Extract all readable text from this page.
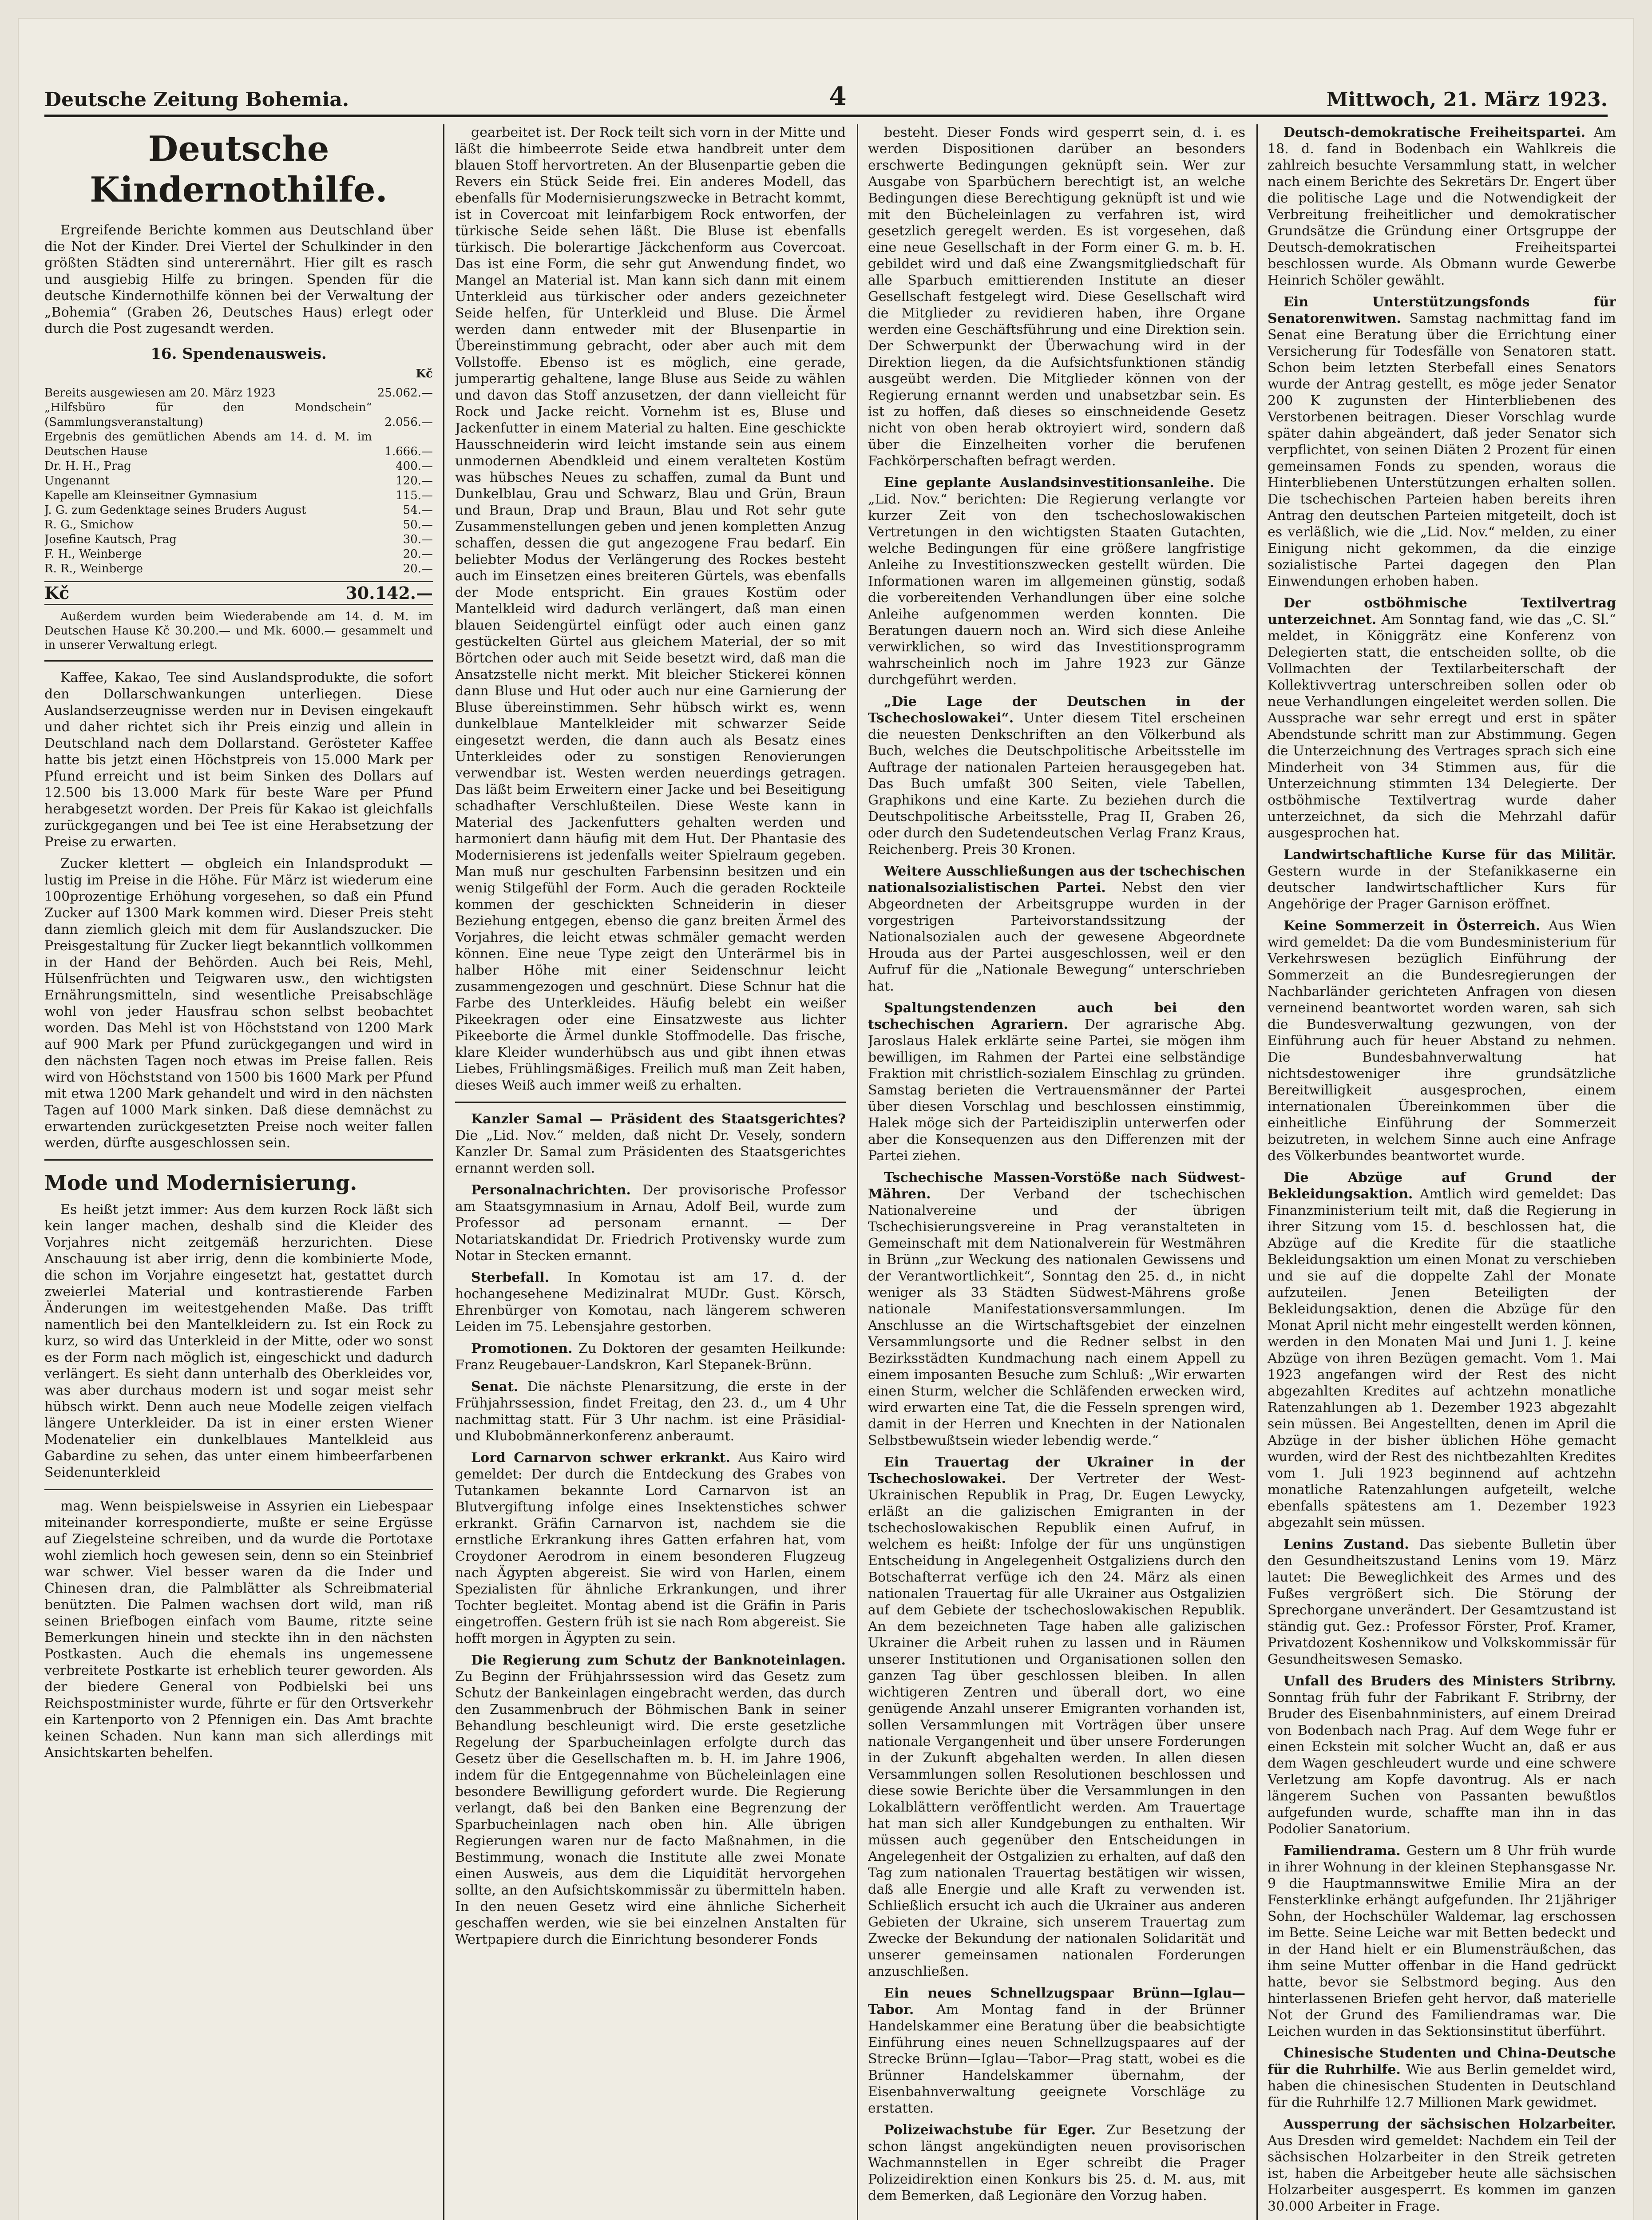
Deutsche Zeitung Bohemia.	4	Mittwoch, 21. März 1923.
Deutsche Kindernothilfe.

Ergreifende Berichte kommen aus Deutschland über die Not der Kinder. Drei Viertel der Schulkinder in den größten Städten sind unterernährt. Hier gilt es rasch und ausgiebig Hilfe zu bringen. Spenden für die deutsche Kindernothilfe können bei der Verwaltung der „Bohemia“ (Graben 26, Deutsches Haus) erlegt oder durch die Post zugesandt werden.

16. Spendenausweis.
Kč
Bereits ausgewiesen am 20. März 1923	25.062.—
„Hilfsbüro für den Mondschein“ (Sammlungsveranstaltung)	2.056.—
Ergebnis des gemütlichen Abends am 14. d. M. im Deutschen Hause	1.666.—
Dr. H. H., Prag	400.—
Ungenannt	120.—
Kapelle am Kleinseitner Gymnasium	115.—
J. G. zum Gedenktage seines Bruders August	54.—
R. G., Smichow	50.—
Josefine Kautsch, Prag	30.—
F. H., Weinberge	20.—
R. R., Weinberge	20.—
Kč	30.142.—

Außerdem wurden beim Wiederabende am 14. d. M. im Deutschen Hause Kč 30.200.— und Mk. 6000.— gesammelt und in unserer Verwaltung erlegt.

Kaffee, Kakao, Tee sind Auslandsprodukte, die sofort den Dollarschwankungen unterliegen. Diese Auslandserzeugnisse werden nur in Devisen eingekauft und daher richtet sich ihr Preis einzig und allein in Deutschland nach dem Dollarstand. Gerösteter Kaffee hatte bis jetzt einen Höchstpreis von 15.000 Mark per Pfund erreicht und ist beim Sinken des Dollars auf 12.500 bis 13.000 Mark für beste Ware per Pfund herabgesetzt worden. Der Preis für Kakao ist gleichfalls zurückgegangen und bei Tee ist eine Herabsetzung der Preise zu erwarten.

Zucker klettert — obgleich ein Inlandsprodukt — lustig im Preise in die Höhe. Für März ist wiederum eine 100prozentige Erhöhung vorgesehen, so daß ein Pfund Zucker auf 1300 Mark kommen wird. Dieser Preis steht dann ziemlich gleich mit dem für Auslandszucker. Die Preisgestaltung für Zucker liegt bekanntlich vollkommen in der Hand der Behörden. Auch bei Reis, Mehl, Hülsenfrüchten und Teigwaren usw., den wichtigsten Ernährungsmitteln, sind wesentliche Preisabschläge wohl von jeder Hausfrau schon selbst beobachtet worden. Das Mehl ist von Höchststand von 1200 Mark auf 900 Mark per Pfund zurückgegangen und wird in den nächsten Tagen noch etwas im Preise fallen. Reis wird von Höchststand von 1500 bis 1600 Mark per Pfund mit etwa 1200 Mark gehandelt und wird in den nächsten Tagen auf 1000 Mark sinken. Daß diese demnächst zu erwartenden zurückgesetzten Preise noch weiter fallen werden, dürfte ausgeschlossen sein.

Mode und Modernisierung.

Es heißt jetzt immer: Aus dem kurzen Rock läßt sich kein langer machen, deshalb sind die Kleider des Vorjahres nicht zeitgemäß herzurichten. Diese Anschauung ist aber irrig, denn die kombinierte Mode, die schon im Vorjahre eingesetzt hat, gestattet durch zweierlei Material und kontrastierende Farben Änderungen im weitestgehenden Maße. Das trifft namentlich bei den Mantelkleidern zu. Ist ein Rock zu kurz, so wird das Unterkleid in der Mitte, oder wo sonst es der Form nach möglich ist, eingeschickt und dadurch verlängert. Es sieht dann unterhalb des Oberkleides vor, was aber durchaus modern ist und sogar meist sehr hübsch wirkt. Denn auch neue Modelle zeigen vielfach längere Unterkleider. Da ist in einer ersten Wiener Modenatelier ein dunkelblaues Mantelkleid aus Gabardine zu sehen, das unter einem himbeerfarbenen Seidenunterkleid

mag. Wenn beispielsweise in Assyrien ein Liebespaar miteinander korrespondierte, mußte er seine Ergüsse auf Ziegelsteine schreiben, und da wurde die Portotaxe wohl ziemlich hoch gewesen sein, denn so ein Steinbrief war schwer. Viel besser waren da die Inder und Chinesen dran, die Palmblätter als Schreibmaterial benützten. Die Palmen wachsen dort wild, man riß seinen Briefbogen einfach vom Baume, ritzte seine Bemerkungen hinein und steckte ihn in den nächsten Postkasten. Auch die ehemals ins ungemessene verbreitete Postkarte ist erheblich teurer geworden. Als der biedere General von Podbielski bei uns Reichspostminister wurde, führte er für den Ortsverkehr ein Kartenporto von 2 Pfennigen ein. Das Amt brachte keinen Schaden. Nun kann man sich allerdings mit Ansichtskarten behelfen.

gearbeitet ist. Der Rock teilt sich vorn in der Mitte und läßt die himbeerrote Seide etwa handbreit unter dem blauen Stoff hervortreten. An der Blusenpartie geben die Revers ein Stück Seide frei. Ein anderes Modell, das ebenfalls für Modernisierungszwecke in Betracht kommt, ist in Covercoat mit leinfarbigem Rock entworfen, der türkische Seide sehen läßt. Die Bluse ist ebenfalls türkisch. Die bolerartige Jäckchenform aus Covercoat. Das ist eine Form, die sehr gut Anwendung findet, wo Mangel an Material ist. Man kann sich dann mit einem Unterkleid aus türkischer oder anders gezeichneter Seide helfen, für Unterkleid und Bluse. Die Ärmel werden dann entweder mit der Blusenpartie in Übereinstimmung gebracht, oder aber auch mit dem Vollstoffe. Ebenso ist es möglich, eine gerade, jumperartig gehaltene, lange Bluse aus Seide zu wählen und davon das Stoff anzusetzen, der dann vielleicht für Rock und Jacke reicht. Vornehm ist es, Bluse und Jackenfutter in einem Material zu halten. Eine geschickte Hausschneiderin wird leicht imstande sein aus einem unmodernen Abendkleid und einem veralteten Kostüm was hübsches Neues zu schaffen, zumal da Bunt und Dunkelblau, Grau und Schwarz, Blau und Grün, Braun und Braun, Drap und Braun, Blau und Rot sehr gute Zusammenstellungen geben und jenen kompletten Anzug schaffen, dessen die gut angezogene Frau bedarf. Ein beliebter Modus der Verlängerung des Rockes besteht auch im Einsetzen eines breiteren Gürtels, was ebenfalls der Mode entspricht. Ein graues Kostüm oder Mantelkleid wird dadurch verlängert, daß man einen blauen Seidengürtel einfügt oder auch einen ganz gestückelten Gürtel aus gleichem Material, der so mit Börtchen oder auch mit Seide besetzt wird, daß man die Ansatzstelle nicht merkt. Mit bleicher Stickerei können dann Bluse und Hut oder auch nur eine Garnierung der Bluse übereinstimmen. Sehr hübsch wirkt es, wenn dunkelblaue Mantelkleider mit schwarzer Seide eingesetzt werden, die dann auch als Besatz eines Unterkleides oder zu sonstigen Renovierungen verwendbar ist. Westen werden neuerdings getragen. Das läßt beim Erweitern einer Jacke und bei Beseitigung schadhafter Verschlußteilen. Diese Weste kann in Material des Jackenfutters gehalten werden und harmoniert dann häufig mit dem Hut. Der Phantasie des Modernisierens ist jedenfalls weiter Spielraum gegeben. Man muß nur geschulten Farbensinn besitzen und ein wenig Stilgefühl der Form. Auch die geraden Rockteile kommen der geschickten Schneiderin in dieser Beziehung entgegen, ebenso die ganz breiten Ärmel des Vorjahres, die leicht etwas schmäler gemacht werden können. Eine neue Type zeigt den Unterärmel bis in halber Höhe mit einer Seidenschnur leicht zusammengezogen und geschnürt. Diese Schnur hat die Farbe des Unterkleides. Häufig belebt ein weißer Pikeekragen oder eine Einsatzweste aus lichter Pikeeborte die Ärmel dunkle Stoffmodelle. Das frische, klare Kleider wunderhübsch aus und gibt ihnen etwas Liebes, Frühlingsmäßiges. Freilich muß man Zeit haben, dieses Weiß auch immer weiß zu erhalten.

Kanzler Samal — Präsident des Staatsgerichtes? Die „Lid. Nov.“ melden, daß nicht Dr. Vesely, sondern Kanzler Dr. Samal zum Präsidenten des Staatsgerichtes ernannt werden soll.

Personalnachrichten. Der provisorische Professor am Staatsgymnasium in Arnau, Adolf Beil, wurde zum Professor ad personam ernannt. — Der Notariatskandidat Dr. Friedrich Protivensky wurde zum Notar in Stecken ernannt.

Sterbefall. In Komotau ist am 17. d. der hochangesehene Medizinalrat MUDr. Gust. Körsch, Ehrenbürger von Komotau, nach längerem schweren Leiden im 75. Lebensjahre gestorben.

Promotionen. Zu Doktoren der gesamten Heilkunde: Franz Reugebauer-Landskron, Karl Stepanek-Brünn.

Senat. Die nächste Plenarsitzung, die erste in der Frühjahrssession, findet Freitag, den 23. d., um 4 Uhr nachmittag statt. Für 3 Uhr nachm. ist eine Präsidial- und Klubobmännerkonferenz anberaumt.

Lord Carnarvon schwer erkrankt. Aus Kairo wird gemeldet: Der durch die Entdeckung des Grabes von Tutankamen bekannte Lord Carnarvon ist an Blutvergiftung infolge eines Insektenstiches schwer erkrankt. Gräfin Carnarvon ist, nachdem sie die ernstliche Erkrankung ihres Gatten erfahren hat, vom Croydoner Aerodrom in einem besonderen Flugzeug nach Ägypten abgereist. Sie wird von Harlen, einem Spezialisten für ähnliche Erkrankungen, und ihrer Tochter begleitet. Montag abend ist die Gräfin in Paris eingetroffen. Gestern früh ist sie nach Rom abgereist. Sie hofft morgen in Ägypten zu sein.

Die Regierung zum Schutz der Banknoteinlagen. Zu Beginn der Frühjahrssession wird das Gesetz zum Schutz der Bankeinlagen eingebracht werden, das durch den Zusammenbruch der Böhmischen Bank in seiner Behandlung beschleunigt wird. Die erste gesetzliche Regelung der Sparbucheinlagen erfolgte durch das Gesetz über die Gesellschaften m. b. H. im Jahre 1906, indem für die Entgegennahme von Bücheleinlagen eine besondere Bewilligung gefordert wurde. Die Regierung verlangt, daß bei den Banken eine Begrenzung der Sparbucheinlagen nach oben hin. Alle übrigen Regierungen waren nur de facto Maßnahmen, in die Bestimmung, wonach die Institute alle zwei Monate einen Ausweis, aus dem die Liquidität hervorgehen sollte, an den Aufsichtskommissär zu übermitteln haben. In den neuen Gesetz wird eine ähnliche Sicherheit geschaffen werden, wie sie bei einzelnen Anstalten für Wertpapiere durch die Einrichtung besonderer Fonds

besteht. Dieser Fonds wird gesperrt sein, d. i. es werden Dispositionen darüber an besonders erschwerte Bedingungen geknüpft sein. Wer zur Ausgabe von Sparbüchern berechtigt ist, an welche Bedingungen diese Berechtigung geknüpft ist und wie mit den Bücheleinlagen zu verfahren ist, wird gesetzlich geregelt werden. Es ist vorgesehen, daß eine neue Gesellschaft in der Form einer G. m. b. H. gebildet wird und daß eine Zwangsmitgliedschaft für alle Sparbuch emittierenden Institute an dieser Gesellschaft festgelegt wird. Diese Gesellschaft wird die Mitglieder zu revidieren haben, ihre Organe werden eine Geschäftsführung und eine Direktion sein. Der Schwerpunkt der Überwachung wird in der Direktion liegen, da die Aufsichtsfunktionen ständig ausgeübt werden. Die Mitglieder können von der Regierung ernannt werden und unabsetzbar sein. Es ist zu hoffen, daß dieses so einschneidende Gesetz nicht von oben herab oktroyiert wird, sondern daß über die Einzelheiten vorher die berufenen Fachkörperschaften befragt werden.

Eine geplante Auslandsinvestitionsanleihe. Die „Lid. Nov.“ berichten: Die Regierung verlangte vor kurzer Zeit von den tschechoslowakischen Vertretungen in den wichtigsten Staaten Gutachten, welche Bedingungen für eine größere langfristige Anleihe zu Investitionszwecken gestellt würden. Die Informationen waren im allgemeinen günstig, sodaß die vorbereitenden Verhandlungen über eine solche Anleihe aufgenommen werden konnten. Die Beratungen dauern noch an. Wird sich diese Anleihe verwirklichen, so wird das Investitionsprogramm wahrscheinlich noch im Jahre 1923 zur Gänze durchgeführt werden.

„Die Lage der Deutschen in der Tschechoslowakei“. Unter diesem Titel erscheinen die neuesten Denkschriften an den Völkerbund als Buch, welches die Deutschpolitische Arbeitsstelle im Auftrage der nationalen Parteien herausgegeben hat. Das Buch umfaßt 300 Seiten, viele Tabellen, Graphikons und eine Karte. Zu beziehen durch die Deutschpolitische Arbeitsstelle, Prag II, Graben 26, oder durch den Sudetendeutschen Verlag Franz Kraus, Reichenberg. Preis 30 Kronen.

Weitere Ausschließungen aus der tschechischen nationalsozialistischen Partei. Nebst den vier Abgeordneten der Arbeitsgruppe wurden in der vorgestrigen Parteivorstandssitzung der Nationalsozialen auch der gewesene Abgeordnete Hrouda aus der Partei ausgeschlossen, weil er den Aufruf für die „Nationale Bewegung“ unterschrieben hat.

Spaltungstendenzen auch bei den tschechischen Agrariern. Der agrarische Abg. Jaroslaus Halek erklärte seine Partei, sie mögen ihm bewilligen, im Rahmen der Partei eine selbständige Fraktion mit christlich-sozialem Einschlag zu gründen. Samstag berieten die Vertrauensmänner der Partei über diesen Vorschlag und beschlossen einstimmig, Halek möge sich der Parteidisziplin unterwerfen oder aber die Konsequenzen aus den Differenzen mit der Partei ziehen.

Tschechische Massen-Vorstöße nach Südwest-Mähren. Der Verband der tschechischen Nationalvereine und der übrigen Tschechisierungsvereine in Prag veranstalteten in Gemeinschaft mit dem Nationalverein für Westmähren in Brünn „zur Weckung des nationalen Gewissens und der Verantwortlichkeit“, Sonntag den 25. d., in nicht weniger als 33 Städten Südwest-Mährens große nationale Manifestationsversammlungen. Im Anschlusse an die Wirtschaftsgebiet der einzelnen Versammlungsorte und die Redner selbst in den Bezirksstädten Kundmachung nach einem Appell zu einem imposanten Besuche zum Schluß: „Wir erwarten einen Sturm, welcher die Schläfenden erwecken wird, wird erwarten eine Tat, die die Fesseln sprengen wird, damit in der Herren und Knechten in der Nationalen Selbstbewußtsein wieder lebendig werde.“

Ein Trauertag der Ukrainer in der Tschechoslowakei. Der Vertreter der West-Ukrainischen Republik in Prag, Dr. Eugen Lewycky, erläßt an die galizischen Emigranten in der tschechoslowakischen Republik einen Aufruf, in welchem es heißt: Infolge der für uns ungünstigen Entscheidung in Angelegenheit Ostgaliziens durch den Botschafterrat verfüge ich den 24. März als einen nationalen Trauertag für alle Ukrainer aus Ostgalizien auf dem Gebiete der tschechoslowakischen Republik. An dem bezeichneten Tage haben alle galizischen Ukrainer die Arbeit ruhen zu lassen und in Räumen unserer Institutionen und Organisationen sollen den ganzen Tag über geschlossen bleiben. In allen wichtigeren Zentren und überall dort, wo eine genügende Anzahl unserer Emigranten vorhanden ist, sollen Versammlungen mit Vorträgen über unsere nationale Vergangenheit und über unsere Forderungen in der Zukunft abgehalten werden. In allen diesen Versammlungen sollen Resolutionen beschlossen und diese sowie Berichte über die Versammlungen in den Lokalblättern veröffentlicht werden. Am Trauertage hat man sich aller Kundgebungen zu enthalten. Wir müssen auch gegenüber den Entscheidungen in Angelegenheit der Ostgalizien zu erhalten, auf daß den Tag zum nationalen Trauertag bestätigen wir wissen, daß alle Energie und alle Kraft zu verwenden ist. Schließlich ersucht ich auch die Ukrainer aus anderen Gebieten der Ukraine, sich unserem Trauertag zum Zwecke der Bekundung der nationalen Solidarität und unserer gemeinsamen nationalen Forderungen anzuschließen.

Ein neues Schnellzugspaar Brünn—Iglau—Tabor. Am Montag fand in der Brünner Handelskammer eine Beratung über die beabsichtigte Einführung eines neuen Schnellzugspaares auf der Strecke Brünn—Iglau—Tabor—Prag statt, wobei es die Brünner Handelskammer übernahm, der Eisenbahnverwaltung geeignete Vorschläge zu erstatten.

Polizeiwachstube für Eger. Zur Besetzung der schon längst angekündigten neuen provisorischen Wachmannstellen in Eger schreibt die Prager Polizeidirektion einen Konkurs bis 25. d. M. aus, mit dem Bemerken, daß Legionäre den Vorzug haben.

Deutsch-demokratische Freiheitspartei. Am 18. d. fand in Bodenbach ein Wahlkreis die zahlreich besuchte Versammlung statt, in welcher nach einem Berichte des Sekretärs Dr. Engert über die politische Lage und die Notwendigkeit der Verbreitung freiheitlicher und demokratischer Grundsätze die Gründung einer Ortsgruppe der Deutsch-demokratischen Freiheitspartei beschlossen wurde. Als Obmann wurde Gewerbe Heinrich Schöler gewählt.

Ein Unterstützungsfonds für Senatorenwitwen. Samstag nachmittag fand im Senat eine Beratung über die Errichtung einer Versicherung für Todesfälle von Senatoren statt. Schon beim letzten Sterbefall eines Senators wurde der Antrag gestellt, es möge jeder Senator 200 K zugunsten der Hinterbliebenen des Verstorbenen beitragen. Dieser Vorschlag wurde später dahin abgeändert, daß jeder Senator sich verpflichtet, von seinen Diäten 2 Prozent für einen gemeinsamen Fonds zu spenden, woraus die Hinterbliebenen Unterstützungen erhalten sollen. Die tschechischen Parteien haben bereits ihren Antrag den deutschen Parteien mitgeteilt, doch ist es verläßlich, wie die „Lid. Nov.“ melden, zu einer Einigung nicht gekommen, da die einzige sozialistische Partei dagegen den Plan Einwendungen erhoben haben.

Der ostböhmische Textilvertrag unterzeichnet. Am Sonntag fand, wie das „C. Sl.“ meldet, in Königgrätz eine Konferenz von Delegierten statt, die entscheiden sollte, ob die Vollmachten der Textilarbeiterschaft der Kollektivvertrag unterschreiben sollen oder ob neue Verhandlungen eingeleitet werden sollen. Die Aussprache war sehr erregt und erst in später Abendstunde schritt man zur Abstimmung. Gegen die Unterzeichnung des Vertrages sprach sich eine Minderheit von 34 Stimmen aus, für die Unterzeichnung stimmten 134 Delegierte. Der ostböhmische Textilvertrag wurde daher unterzeichnet, da sich die Mehrzahl dafür ausgesprochen hat.

Landwirtschaftliche Kurse für das Militär. Gestern wurde in der Stefanikkaserne ein deutscher landwirtschaftlicher Kurs für Angehörige der Prager Garnison eröffnet.

Keine Sommerzeit in Österreich. Aus Wien wird gemeldet: Da die vom Bundesministerium für Verkehrswesen bezüglich Einführung der Sommerzeit an die Bundesregierungen der Nachbarländer gerichteten Anfragen von diesen verneinend beantwortet worden waren, sah sich die Bundesverwaltung gezwungen, von der Einführung auch für heuer Abstand zu nehmen. Die Bundesbahnverwaltung hat nichtsdestoweniger ihre grundsätzliche Bereitwilligkeit ausgesprochen, einem internationalen Übereinkommen über die einheitliche Einführung der Sommerzeit beizutreten, in welchem Sinne auch eine Anfrage des Völkerbundes beantwortet wurde.

Die Abzüge auf Grund der Bekleidungsaktion. Amtlich wird gemeldet: Das Finanzministerium teilt mit, daß die Regierung in ihrer Sitzung vom 15. d. beschlossen hat, die Abzüge auf die Kredite für die staatliche Bekleidungsaktion um einen Monat zu verschieben und sie auf die doppelte Zahl der Monate aufzuteilen. Jenen Beteiligten der Bekleidungsaktion, denen die Abzüge für den Monat April nicht mehr eingestellt werden können, werden in den Monaten Mai und Juni 1. J. keine Abzüge von ihren Bezügen gemacht. Vom 1. Mai 1923 angefangen wird der Rest des nicht abgezahlten Kredites auf achtzehn monatliche Ratenzahlungen ab 1. Dezember 1923 abgezahlt sein müssen. Bei Angestellten, denen im April die Abzüge in der bisher üblichen Höhe gemacht wurden, wird der Rest des nichtbezahlten Kredites vom 1. Juli 1923 beginnend auf achtzehn monatliche Ratenzahlungen aufgeteilt, welche ebenfalls spätestens am 1. Dezember 1923 abgezahlt sein müssen.

Lenins Zustand. Das siebente Bulletin über den Gesundheitszustand Lenins vom 19. März lautet: Die Beweglichkeit des Armes und des Fußes vergrößert sich. Die Störung der Sprechorgane unverändert. Der Gesamtzustand ist ständig gut. Gez.: Professor Förster, Prof. Kramer, Privatdozent Koshennikow und Volkskommissär für Gesundheitswesen Semasko.

Unfall des Bruders des Ministers Stribrny. Sonntag früh fuhr der Fabrikant F. Stribrny, der Bruder des Eisenbahnministers, auf einem Dreirad von Bodenbach nach Prag. Auf dem Wege fuhr er einen Eckstein mit solcher Wucht an, daß er aus dem Wagen geschleudert wurde und eine schwere Verletzung am Kopfe davontrug. Als er nach längerem Suchen von Passanten bewußtlos aufgefunden wurde, schaffte man ihn in das Podolier Sanatorium.

Familiendrama. Gestern um 8 Uhr früh wurde in ihrer Wohnung in der kleinen Stephansgasse Nr. 9 die Hauptmannswitwe Emilie Mira an der Fensterklinke erhängt aufgefunden. Ihr 21jähriger Sohn, der Hochschüler Waldemar, lag erschossen im Bette. Seine Leiche war mit Betten bedeckt und in der Hand hielt er ein Blumensträußchen, das ihm seine Mutter offenbar in die Hand gedrückt hatte, bevor sie Selbstmord beging. Aus den hinterlassenen Briefen geht hervor, daß materielle Not der Grund des Familiendramas war. Die Leichen wurden in das Sektionsinstitut überführt.

Chinesische Studenten und China-Deutsche für die Ruhrhilfe. Wie aus Berlin gemeldet wird, haben die chinesischen Studenten in Deutschland für die Ruhrhilfe 12.7 Millionen Mark gewidmet.

Aussperrung der sächsischen Holzarbeiter. Aus Dresden wird gemeldet: Nachdem ein Teil der sächsischen Holzarbeiter in den Streik getreten ist, haben die Arbeitgeber heute alle sächsischen Holzarbeiter ausgesperrt. Es kommen im ganzen 30.000 Arbeiter in Frage.
